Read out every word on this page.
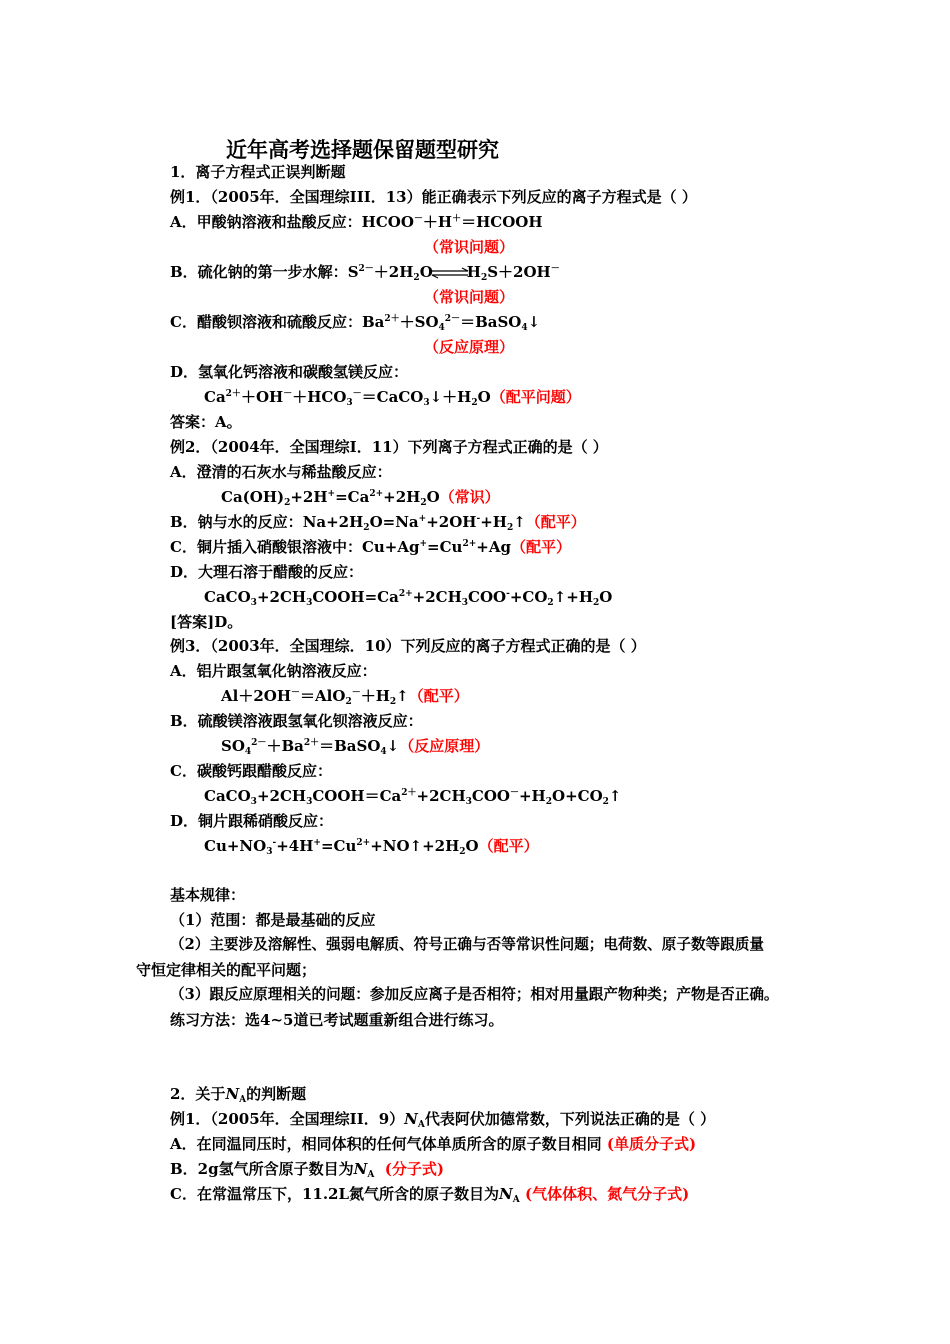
近年高考选择题保留题型研究
1．离子方程式正误判断题
例1．（2005年．全国理综III．13）能正确表示下列反应的离子方程式是（ ）
A．甲酸钠溶液和盐酸反应：HCOO－＋H＋＝HCOOH
（常识问题）
B．硫化钠的第一步水解：$S^{2-}+2H_2O$ $H_2S+2OH^-$
（常识问题）
C．醋酸钡溶液和硫酸反应：$Ba^{2+}+SO_4^{2-}=BaSO_4↓$
（反应原理）
D．氢氧化钙溶液和碳酸氢镁反应：
$Ca^{2+}+OH^-+HCO_3^-=CaCO_3↓+H_2O$（配平问题）
答案：A。
例2．（2004年．全国理综I．11）下列离子方程式正确的是（ ）
A．澄清的石灰水与稀盐酸反应：
$Ca(OH)_2+2H^+=Ca^{2+}+2H_2O$（常识）
B．钠与水的反应：$Na+2H_2O=Na^++2OH^-+H_2↑$（配平）
C．铜片插入硝酸银溶液中：$Cu+Ag^+=Cu^{2+}+Ag$（配平）
D．大理石溶于醋酸的反应：
$CaCO_3+2CH_3COOH=Ca^{2+}+2CH_3COO^-+CO_2↑+H_2O$
[答案]D。
例3．（2003年．全国理综．10）下列反应的离子方程式正确的是（ ）
A．铝片跟氢氧化钠溶液反应：
$Al+2OH^-=AlO_2^-+H_2↑$（配平）
B．硫酸镁溶液跟氢氧化钡溶液反应：
$SO_4^{2-}+Ba^{2+}=BaSO_4↓$（反应原理）
C．碳酸钙跟醋酸反应：
$CaCO_3+2CH_3COOH=Ca^{2+}+2CH_3COO^-+H_2O+CO_2↑$
D．铜片跟稀硝酸反应：
$Cu+NO_3^-+4H^+=Cu^{2+}+NO↑+2H_2O$（配平）
基本规律：
（1）范围：都是最基础的反应
（2）主要涉及溶解性、强弱电解质、符号正确与否等常识性问题；电荷数、原子数等跟质量
守恒定律相关的配平问题；
（3）跟反应原理相关的问题：参加反应离子是否相符；相对用量跟产物种类；产物是否正确。
练习方法：选4~5道已考试题重新组合进行练习。
2．关于$N_A$的判断题
例1．（2005年．全国理综II．$9)N_A$代表阿伏加德常数，下列说法正确的是（ ）
A．在同温同压时，相同体积的任何气体单质所含的原子数目相同 (单质分子式)
B．2g氢气所含原子数目为$N_A$ (分子式)
C．在常温常压下，11.2L氮气所含的原子数目为$N_A$ (气体体积、氮气分子式)
